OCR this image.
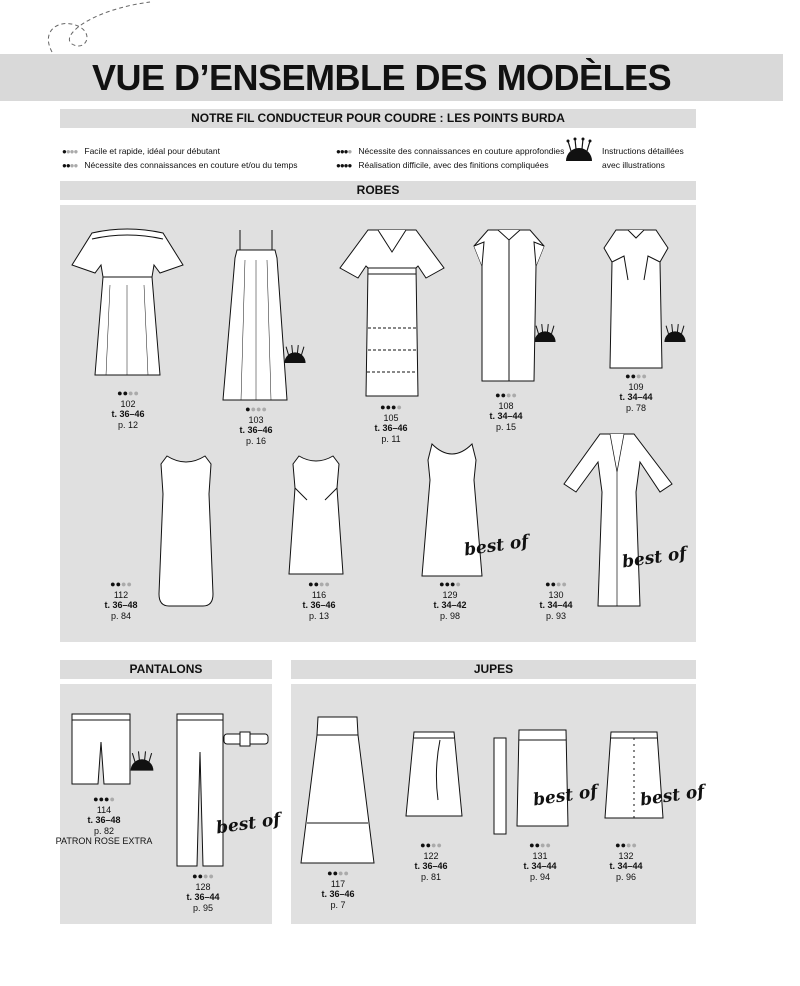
VUE D’ENSEMBLE DES MODÈLES
NOTRE FIL CONDUCTEUR POUR COUDRE : LES POINTS BURDA
●●●● Facile et rapide, idéal pour débutant
●●●● Nécessite des connaissances en couture et/ou du temps
●●●● Nécessite des connaissances en couture approfondies
●●●● Réalisation difficile, avec des finitions compliquées
Instructions détaillées
avec illustrations
ROBES
PANTALONS	JUPES
best of	best of
best of
best of best of
●●●●
102
t. 36–46
p. 12
●●●●
103
t. 36–46
p. 16
●●●●
105
t. 36–46
p. 11
●●●●
108
t. 34–44
p. 15
●●●●
109
t. 34–44
p. 78
●●●●
112
t. 36–48
p. 84
●●●●
116
t. 36–46
p. 13
●●●●
129
t. 34–42
p. 98
●●●●
130
t. 34–44
p. 93
●●●●
114
t. 36–48
p. 82
PATRON ROSE EXTRA
●●●●
128
t. 36–44
p. 95
●●●●
117
t. 36–46
p. 7
●●●●
122
t. 36–46
p. 81
●●●●
131
t. 34–44
p. 94
●●●●
132
t. 34–44
p. 96
